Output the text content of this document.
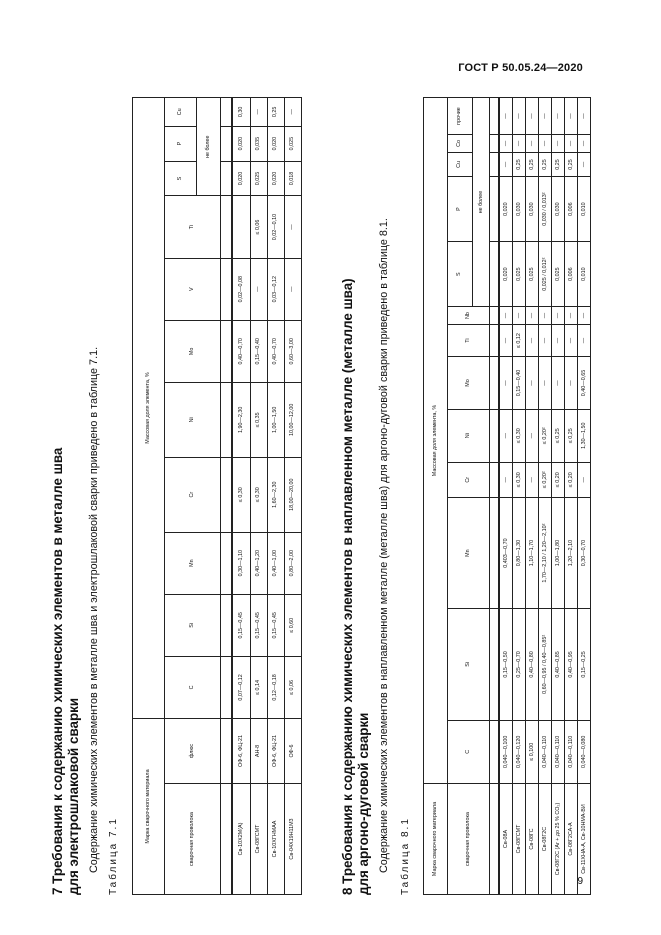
ГОСТ Р 50.05.24—2020
9
7 Требования к содержанию химических элементов в металле шва для электрошлаковой сварки Содержание химических элементов в металле шва и электрошлаковой сварки приведено в таблице 7.1. Таблица 7.1
Марка сварочного материала		Массовая доля элемента, %										
сварочная проволока	флюс	C	Si	Mn	Cr	Ni	Mo	V	Ti	S	P	Cu
										не более		

Св-10Х2М(А)	ОФ-6, ФЦ-21	0,07—0,12	0,15—0,45	0,30—1,10	≤ 0,30	1,90—2,30	0,40—0,70	0,02—0,08		0,020	0,020	0,30
Св-08ГСМТ	АН-8	≤ 0,14	0,15—0,45	0,40—1,20	≤ 0,30	≤ 0,35	0,15—0,40	—	≤ 0,06	0,025	0,035	—
Св-10ХГНМАА	ОФ-6, ФЦ-21	0,12—0,18	0,15—0,45	0,40—1,00	1,60—2,30	1,00—1,50	0,40—0,70	0,03—0,12	0,02—0,10	0,020	0,020	0,25
Св-04Х19Н11М3	ОФ-6	≤ 0,06	≤ 0,60	0,80—2,00	18,00—20,00	10,00—12,00	0,60—3,00	—	—	0,018	0,025	—
8 Требования к содержанию химических элементов в наплавленном металле (металле шва) для аргоно-дуговой сварки Содержание химических элементов в наплавленном металле (металле шва) для аргоно-дуговой сварки приведено в таблице 8.1. Таблица 8.1	Марка сварочного материала	Массовая доля элемента, %												
сварочная проволока	C	Si	Mn	Cr	Ni	Mo	Ti	Nb	S	P	Cu	Co	прочие
									не более				

Св-08А	0,040—0,100	0,15—0,50	0,403—0,70	—	—	—	—	—	0,020	0,020	—	—	—
Св-08ГСМТ	0,040—0,120	0,25—0,70	0,80—1,30	≤ 0,30	≤ 0,30	0,15—0,40	≤ 0,12	—	0,025	0,030	0,25	—	—
Св-08ГС	≤ 0,100	0,40—0,80	1,10—1,70	—	—	—	—	—	0,025	0,030	0,25	—	—
Св-08Г2С	0,040—0,110	0,60—0,95 / 0,40—0,85²	1,70—2,10 / 1,20—2,10²	≤ 0,20²	≤ 0,20²	—	—	—	0,025 / 0,012²	0,030 / 0,013²	0,25	—	—
Св-08Г2С (Ar + до 25 % CO₂)	0,040—0,110	0,40—0,85	1,00—1,80	≤ 0,20	≤ 0,25	—	—	—	0,025	0,030	0,25	—	—
Св-08Г2СА-А	0,040—0,110	0,40—0,95	1,20—2,10	≤ 0,20	≤ 0,25	—	—	—	0,006	0,006	0,25	—	—
Св-11ХНА-А, Св-10НМА-ВИ	0,040—0,080	0,15—0,25	0,30—0,70	—	1,30—1,50	0,40—0,65	—	—	0,010	0,010	—	—	—
